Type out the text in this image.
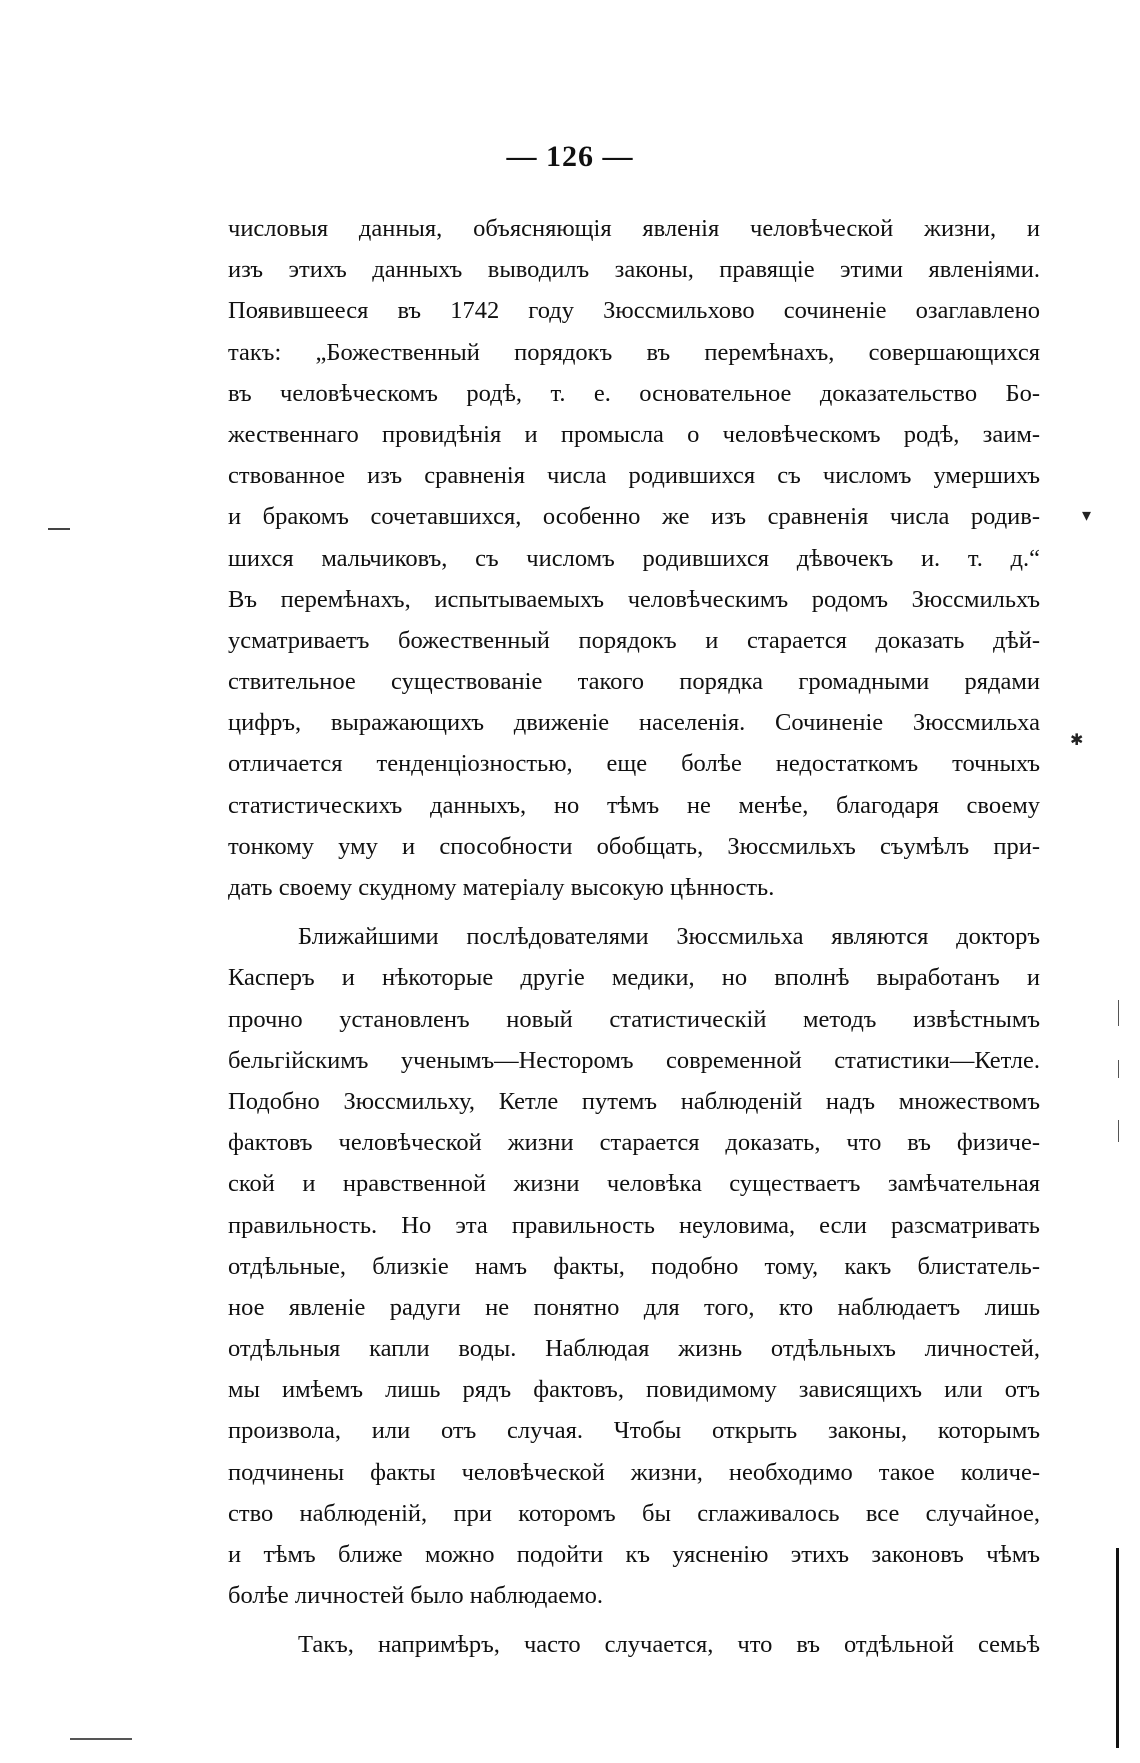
— 126 —
числовыя данныя, объясняющія явленія человѣческой жизни, и
изъ этихъ данныхъ выводилъ законы, правящіе этими явленіями.
Появившееся въ 1742 году Зюссмильхово сочиненіе озаглавлено
такъ: „Божественный порядокъ въ перемѣнахъ, совершающихся
въ человѣческомъ родѣ, т. е. основательное доказательство Бо-
жественнаго провидѣнія и промысла о человѣческомъ родѣ, заим-
ствованное изъ сравненія числа родившихся съ числомъ умершихъ
и бракомъ сочетавшихся, особенно же изъ сравненія числа родив-
шихся мальчиковъ, съ числомъ родившихся дѣвочекъ и. т. д.“
Въ перемѣнахъ, испытываемыхъ человѣческимъ родомъ Зюссмильхъ
усматриваетъ божественный порядокъ и старается доказать дѣй-
ствительное существованіе такого порядка громадными рядами
цифръ, выражающихъ движеніе населенія. Сочиненіе Зюссмильха
отличается тенденціозностью, еще болѣе недостаткомъ точныхъ
статистическихъ данныхъ, но тѣмъ не менѣе, благодаря своему
тонкому уму и способности обобщать, Зюссмильхъ съумѣлъ при-
дать своему скудному матеріалу высокую цѣнность.
Ближайшими послѣдователями Зюссмильха являются докторъ
Касперъ и нѣкоторые другіе медики, но вполнѣ выработанъ и
прочно установленъ новый статистическій методъ извѣстнымъ
бельгійскимъ ученымъ—Несторомъ современной статистики—Кетле.
Подобно Зюссмильху, Кетле путемъ наблюденій надъ множествомъ
фактовъ человѣческой жизни старается доказать, что въ физиче-
ской и нравственной жизни человѣка существаетъ замѣчательная
правильность. Но эта правильность неуловима, если разсматривать
отдѣльные, близкіе намъ факты, подобно тому, какъ блистатель-
ное явленіе радуги не понятно для того, кто наблюдаетъ лишь
отдѣльныя капли воды. Наблюдая жизнь отдѣльныхъ личностей,
мы имѣемъ лишь рядъ фактовъ, повидимому зависящихъ или отъ
произвола, или отъ случая. Чтобы открыть законы, которымъ
подчинены факты человѣческой жизни, необходимо такое количе-
ство наблюденій, при которомъ бы сглаживалось все случайное,
и тѣмъ ближе можно подойти къ уясненію этихъ законовъ чѣмъ
болѣе личностей было наблюдаемо.
Такъ, напримѣръ, часто случается, что въ отдѣльной семьѣ
▾
✱
